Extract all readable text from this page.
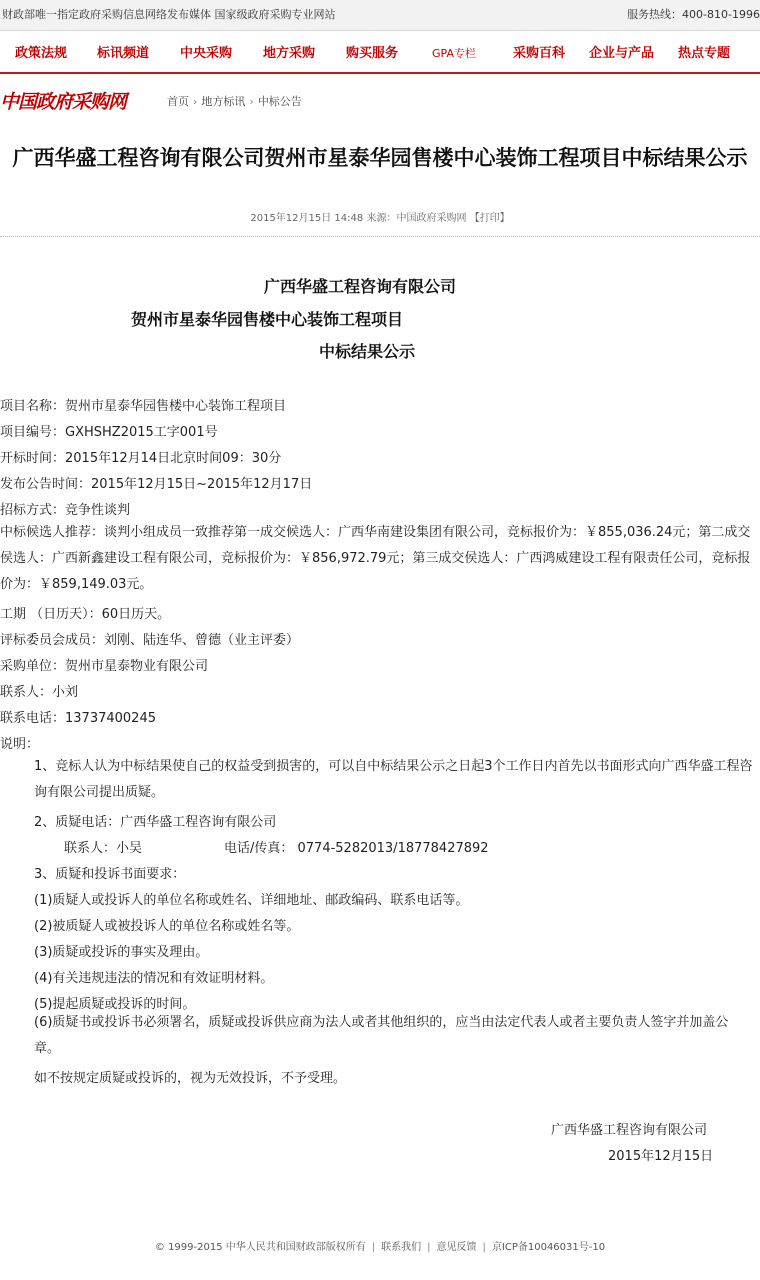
财政部唯一指定政府采购信息网络发布媒体 国家级政府采购专业网站	服务热线：400-810-1996
政策法规 标讯频道 中央采购 地方采购 购买服务	GPA专栏	采购百科 企业与产品 热点专题
中国政府采购网	首页 › 地方标讯 › 中标公告
广西华盛工程咨询有限公司贺州市星泰华园售楼中心装饰工程项目中标结果公示
2015年12月15日 14:48 来源：中国政府采购网 【打印】
广西华盛工程咨询有限公司
贺州市星泰华园售楼中心装饰工程项目
中标结果公示
项目名称：贺州市星泰华园售楼中心装饰工程项目
项目编号：GXHSHZ2015工字001号
开标时间：2015年12月14日北京时间09：30分
发布公告时间：2015年12月15日~2015年12月17日
招标方式：竞争性谈判
中标候选人推荐：谈判小组成员一致推荐第一成交候选人：广西华南建设集团有限公司，竞标报价为：￥855,036.24元；第二成交侯选人：广西新鑫建设工程有限公司，竞标报价为：￥856,972.79元；第三成交侯选人：广西鸿威建设工程有限责任公司，竞标报价为：￥859,149.03元。
工期 （日历天）：60日历天。
评标委员会成员：刘刚、陆连华、曾德（业主评委）
采购单位：贺州市星泰物业有限公司
联系人：小刘
联系电话：13737400245
说明：
1、竞标人认为中标结果使自己的权益受到损害的，可以自中标结果公示之日起3个工作日内首先以书面形式向广西华盛工程咨询有限公司提出质疑。
2、质疑电话：广西华盛工程咨询有限公司
联系人：小吴	电话/传真： 0774-5282013/18778427892
3、质疑和投诉书面要求：
(1)质疑人或投诉人的单位名称或姓名、详细地址、邮政编码、联系电话等。
(2)被质疑人或被投诉人的单位名称或姓名等。
(3)质疑或投诉的事实及理由。
(4)有关违规违法的情况和有效证明材料。
(5)提起质疑或投诉的时间。
(6)质疑书或投诉书必须署名，质疑或投诉供应商为法人或者其他组织的，应当由法定代表人或者主要负责人签字并加盖公章。
如不按规定质疑或投诉的，视为无效投诉，不予受理。
广西华盛工程咨询有限公司
2015年12月15日
© 1999-2015 中华人民共和国财政部版权所有 | 联系我们 | 意见反馈 | 京ICP备10046031号-10
